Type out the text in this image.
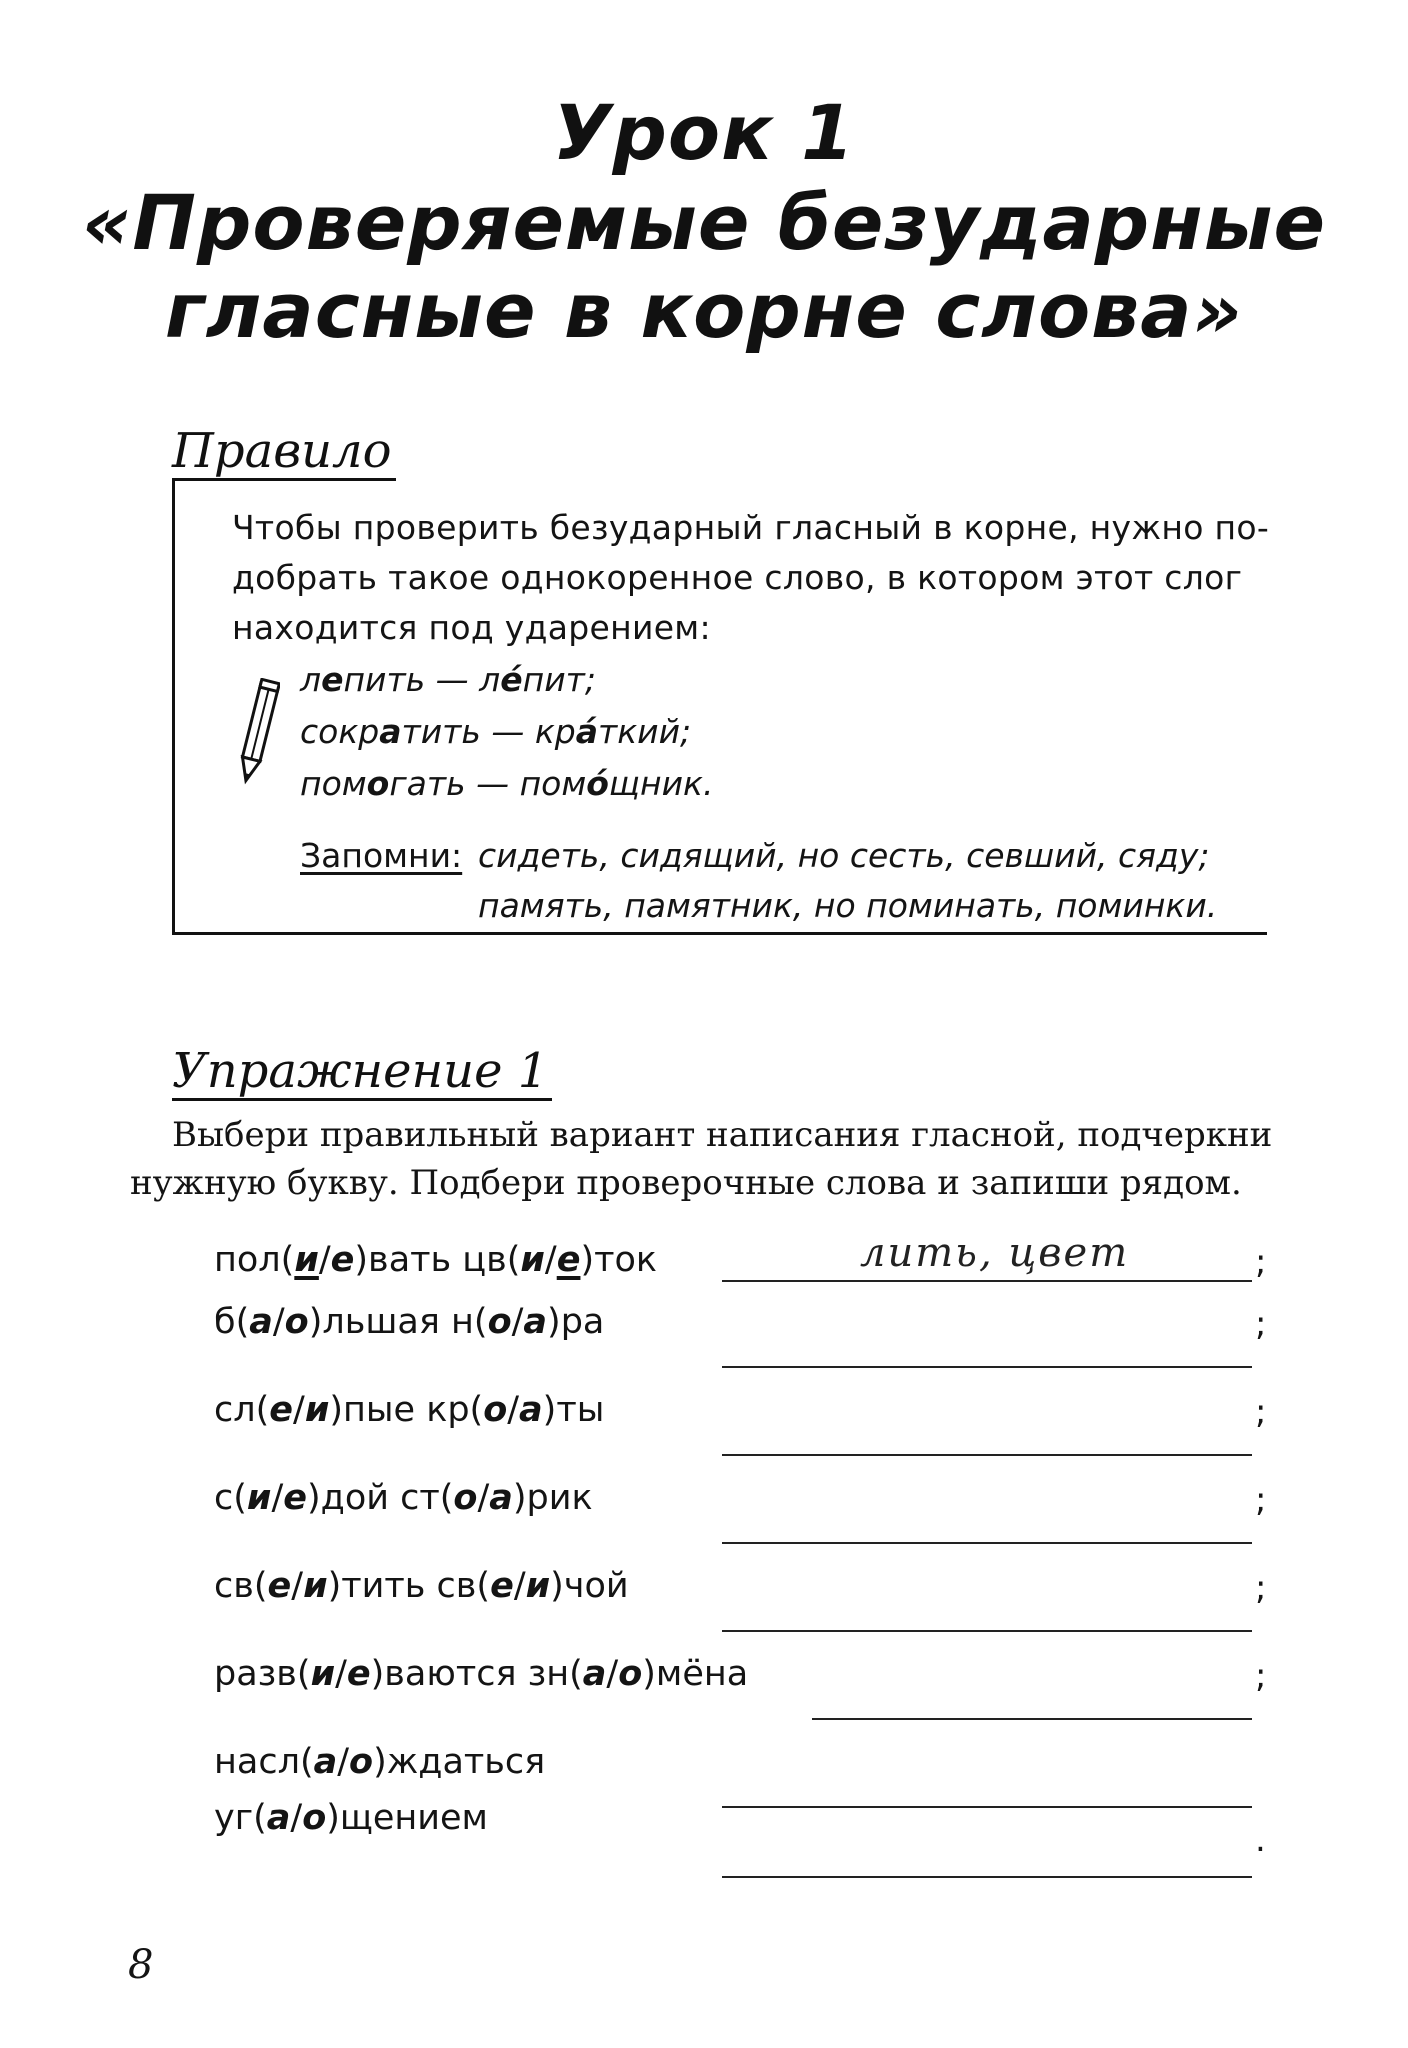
Урок 1
«Проверяемые безударные
гласные в корне слова»
Правило
Чтобы проверить безударный гласный в корне, нужно по-
добрать такое однокоренное слово, в котором этот слог
находится под ударением:
лепить — ле́пит;
сократить — кра́ткий;
помогать — помо́щник.
Запомни: сидеть, сидящий, но сесть, севший, сяду;
память, памятник, но поминать, поминки.
Упражнение 1
Выбери правильный вариант написания гласной, подчеркни
нужную букву. Подбери проверочные слова и запиши рядом.
пол(и/е)вать цв(и/е)ток	лить, цвет	;
б(а/о)льшая н(о/а)ра	;
сл(е/и)пые кр(о/а)ты	;
с(и/е)дой ст(о/а)рик	;
св(е/и)тить св(е/и)чой	;
разв(и/е)ваются зн(а/о)мёна	;
насл(а/о)ждаться
уг(а/о)щением
.
8
